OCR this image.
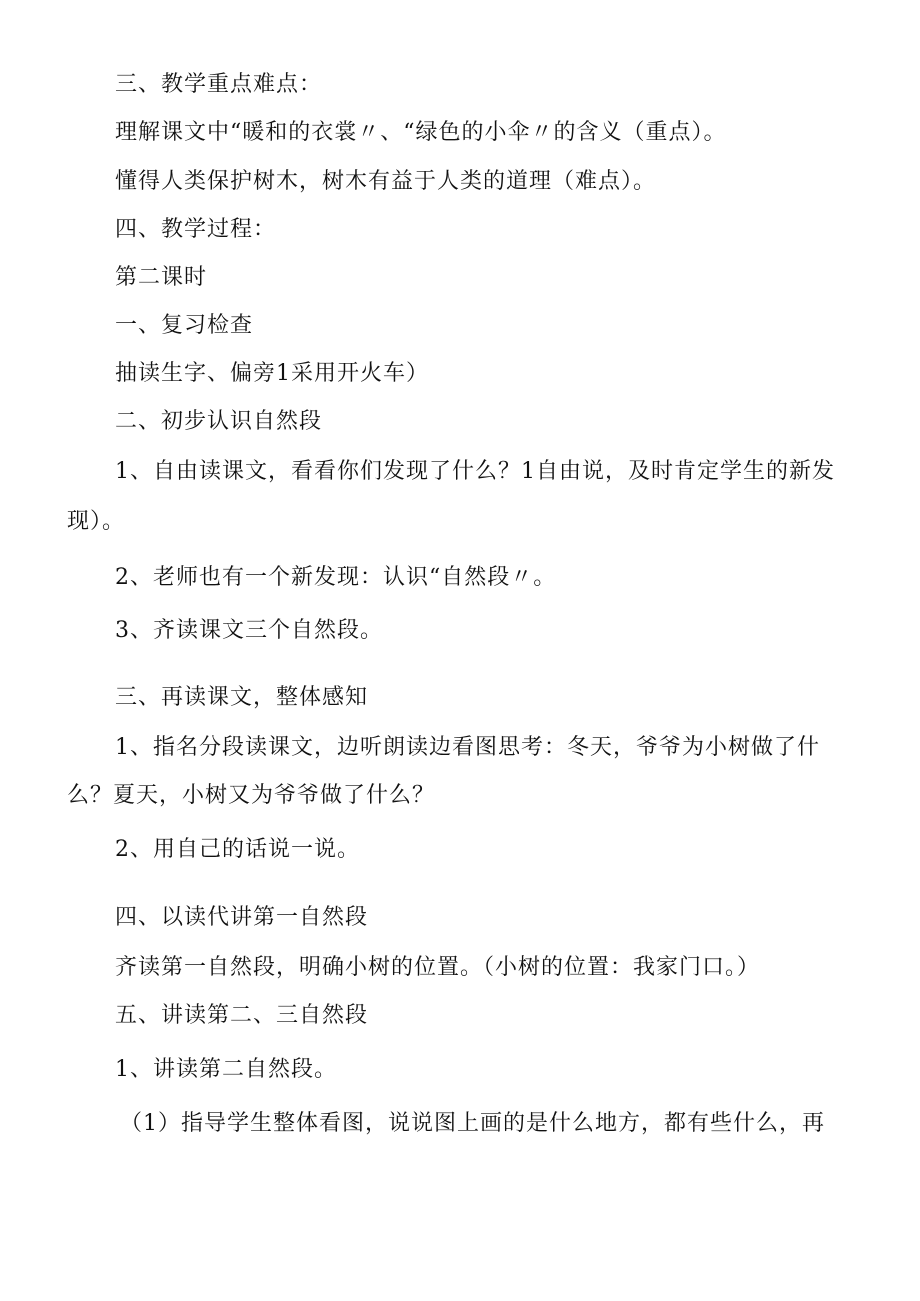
三、教学重点难点：
理解课文中“暖和的衣裳〃、“绿色的小伞〃的含义（重点）。
懂得人类保护树木，树木有益于人类的道理（难点）。
四、教学过程：
第二课时
一、复习检查
抽读生字、偏旁1采用开火车）
二、初步认识自然段
1、自由读课文，看看你们发现了什么？1自由说，及时肯定学生的新发
现）。
2、老师也有一个新发现：认识“自然段〃。
3、齐读课文三个自然段。
三、再读课文，整体感知
1、指名分段读课文，边听朗读边看图思考：冬天，爷爷为小树做了什
么？夏天，小树又为爷爷做了什么？
2、用自己的话说一说。
四、以读代讲第一自然段
齐读第一自然段，明确小树的位置。（小树的位置：我家门口。）
五、讲读第二、三自然段
1、讲读第二自然段。
（1）指导学生整体看图，说说图上画的是什么地方，都有些什么，再
